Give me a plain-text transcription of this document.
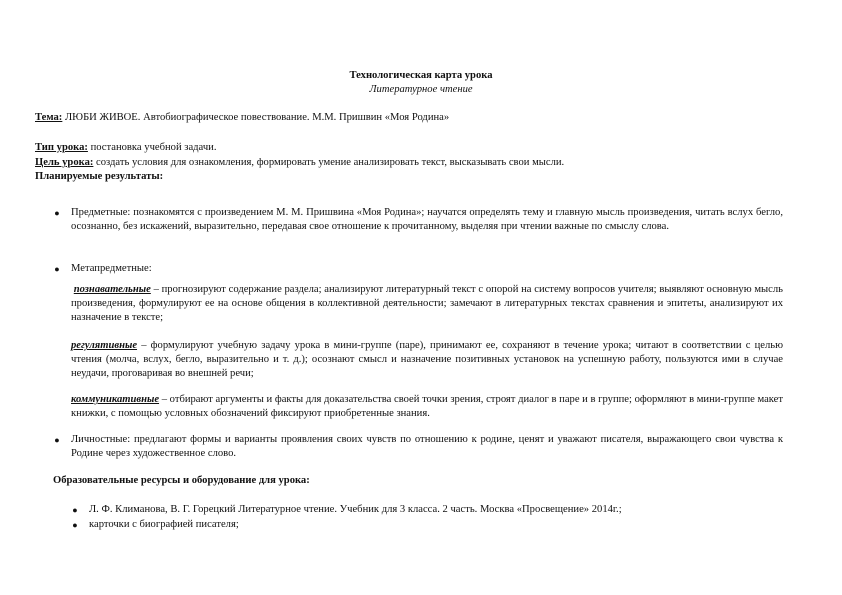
Технологическая карта урока
Литературное чтение
Тема: ЛЮБИ ЖИВОЕ. Автобиографическое повествование. М.М. Пришвин «Моя Родина»
Тип урока: постановка учебной задачи.
Цель урока: создать условия для ознакомления, формировать умение анализировать текст, высказывать свои мысли.
Планируемые результаты:
● Предметные: познакомятся с произведением М. М. Пришвина «Моя Родина»; научатся определять тему и главную мысль произведения, читать вслух бегло, осознанно, без искажений, выразительно, передавая свое отношение к прочитанному, выделяя при чтении важные по смыслу слова.
● Метапредметные:
познавательные – прогнозируют содержание раздела; анализируют литературный текст с опорой на систему вопросов учителя; выявляют основную мысль произведения, формулируют ее на основе общения в коллективной деятельности; замечают в литературных текстах сравнения и эпитеты, анализируют их назначение в тексте;
регулятивные – формулируют учебную задачу урока в мини-группе (паре), принимают ее, сохраняют в течение урока; читают в соответствии с целью чтения (молча, вслух, бегло, выразительно и т. д.); осознают смысл и назначение позитивных установок на успешную работу, пользуются ими в случае неудачи, проговаривая во внешней речи;
коммуникативные – отбирают аргументы и факты для доказательства своей точки зрения, строят диалог в паре и в группе; оформляют в мини-группе макет книжки, с помощью условных обозначений фиксируют приобретенные знания.
● Личностные: предлагают формы и варианты проявления своих чувств по отношению к родине, ценят и уважают писателя, выражающего свои чувства к Родине через художественное слово.
Образовательные ресурсы и оборудование для урока:
● Л. Ф. Климанова, В. Г. Горецкий Литературное чтение. Учебник для 3 класса. 2 часть. Москва «Просвещение» 2014г.;
● карточки с биографией писателя;
